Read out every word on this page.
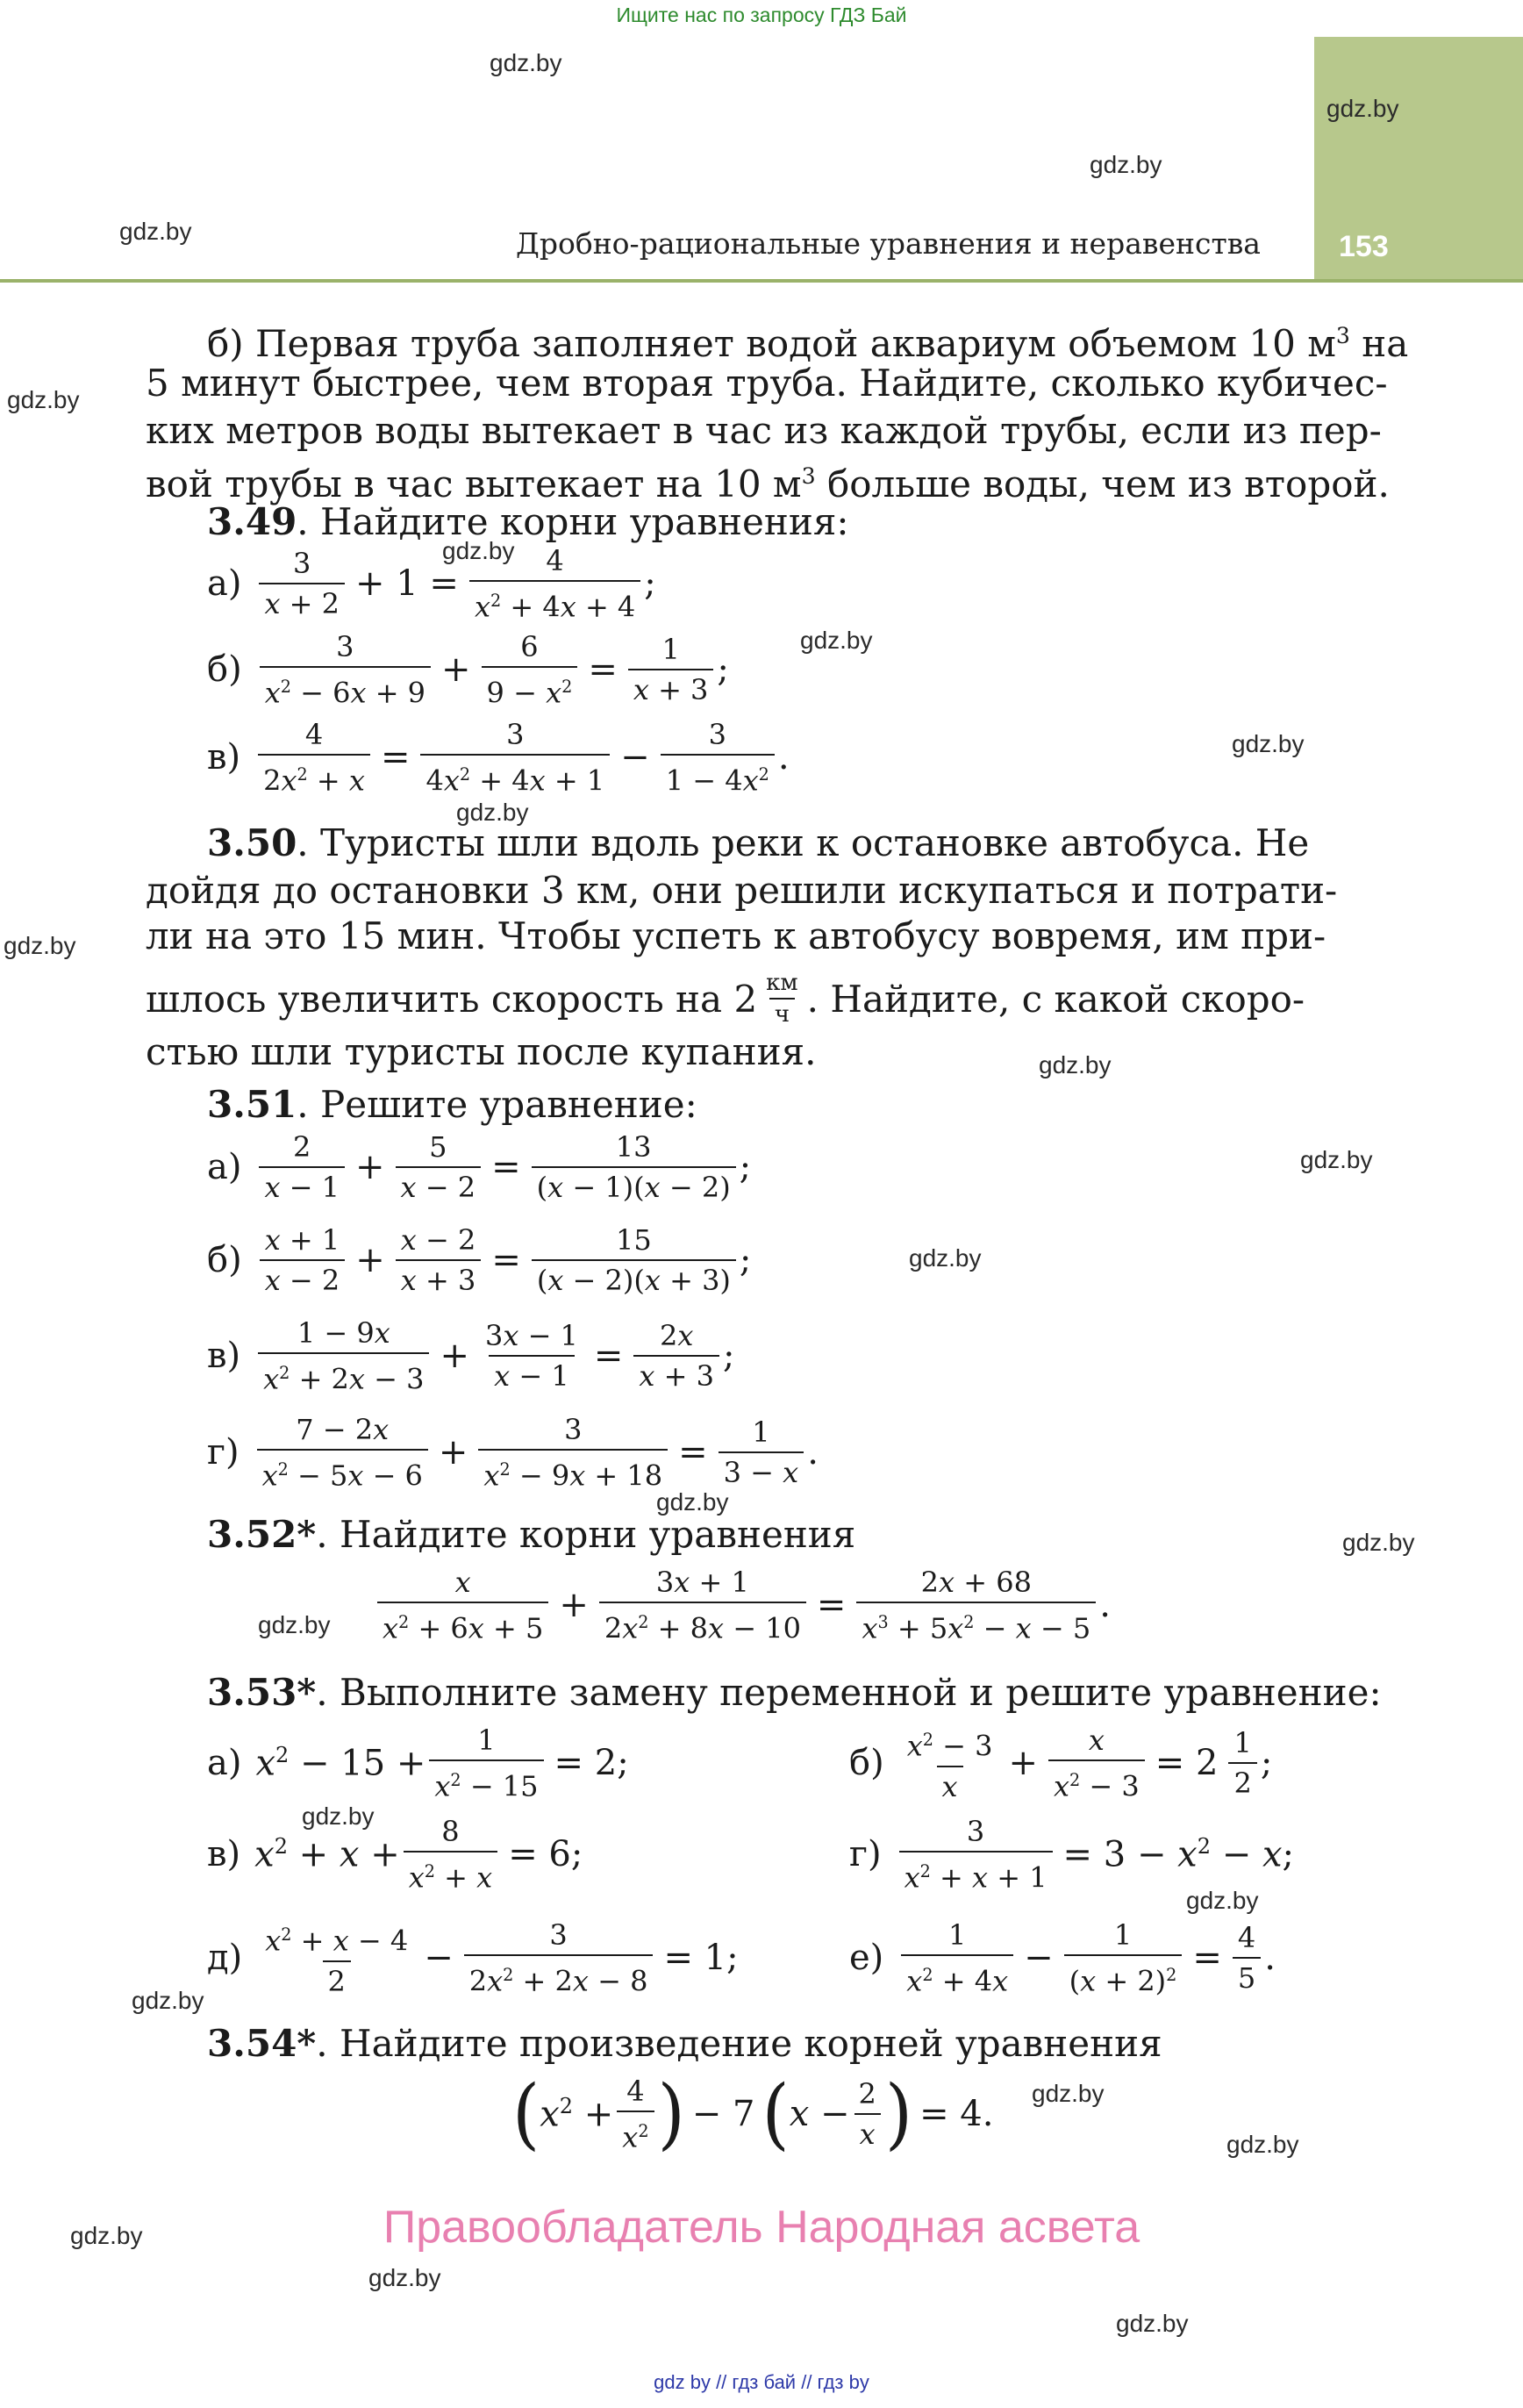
Ищите нас по запросу ГДЗ Бай
153
Дробно-рациональные уравнения и неравенства
gdz.by
gdz.by
gdz.by
gdz.by
gdz.by
gdz.by
gdz.by
gdz.by
gdz.by
gdz.by
gdz.by
gdz.by
gdz.by
gdz.by
gdz.by
gdz.by
gdz.by
gdz.by
gdz.by
gdz.by
gdz.by
gdz.by
gdz.by
gdz.by
б) Первая труба заполняет водой аквариум объемом 10 $м^3$ на
5 минут быстрее, чем вторая труба. Найдите, сколько кубичес-
ких метров воды вытекает в час из каждой трубы, если из пер-
вой трубы в час вытекает на 10 $м^3$ больше воды, чем из второй.
3.49. Найдите корни уравнения:
а) 3
$x + 2 + 1 = \frac{4}{x^2 + 4x + 4}$ ;
б)
3
$x^2 - 6x + 9$
+ $\frac{6}{9 - x^2} = \frac{1}{x + 3}$ ;
$в) \frac{4}{2x^2 + x} = \frac{3}{4x^2 + 4x + 1} - \frac{3}{1 - 4x^2}$ .
3.50. Туристы шли вдоль реки к остановке автобуса. Не
дойдя до остановки 3 км, они решили искупаться и потрати-
ли на это 15 мин. Чтобы успеть к автобусу вовремя, им при-
шлось увеличить скорость на 2 км
ч . Найдите, с какой скоро-
стью шли туристы после купания.
3.51. Решите уравнение:
а) 2
$x - 1 + \frac{5}{x - 2} = \frac{13}{(x - 1)(x - 2)}$ ;
б) x + 1
$x - 2 + \frac{x - 2}{x + 3} = \frac{15}{(x - 2)(x + 3)}$ ;
в)
1 − 9x
$x^2 + 2x - 3$
+ $\frac{3x - 1}{x - 1} = \frac{2x}{x + 3}$ ;
г)
7 − 2x
$x^2 - 5x - 6$
+ $\frac{3}{x^2 - 9x + 18} = \frac{1}{3 - x}$ .
3.52*. Найдите корни уравнения
x
$x^2 + 6x + 5$
+ $\frac{3x + 1}{2x^2 + 8x - 10} = \frac{2x + 68}{x^3 + 5x^2 - x - 5}$ .
3.53*. Выполните замену переменной и решите уравнение:
а) $x^2 - 15 + \frac{1}{x^2 - 15} = 2$;	б) $x^2 - 3$
x
+ $\frac{x}{x^2 - 3} = 2$ 1
2 ;
в) $x^2 + x + \frac{8}{x^2 + x} = 6$;	$г) \frac{3}{x^2 + x + 1} = 3 - x^2 - x$;
д) $x^2 + x - 4$
2
− $\frac{3}{2x^2 + 2x - 8} = 1$;	е)
1
$x^2 + 4x$
− $\frac{1}{(x + 2)^2} = \frac{4}{5}$ .
3.54*. Найдите произведение корней уравнения
( $x^2 + \frac{4}{x^2}$ ) − 7 ( $x - \frac{2}{x}$ ) = 4.
Правообладатель Народная асвета
gdz by // гдз бай // гдз by
